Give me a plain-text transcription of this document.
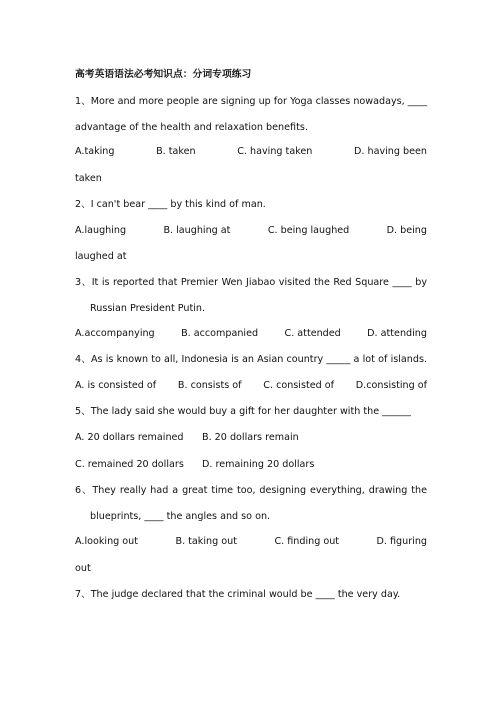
高考英语语法必考知识点：分词专项练习
1、More and more people are signing up for Yoga classes nowadays, ____
advantage of the health and relaxation benefits.
A.taking	B. taken	C. having taken	D. having been
taken
2、I can't bear ____ by this kind of man.
A.laughing	B. laughing at	C. being laughed	D. being
laughed at
3、It is reported that Premier Wen Jiabao visited the Red Square ____ by
Russian President Putin.
A.accompanying	B. accompanied	C. attended	D. attending
4、As is known to all, Indonesia is an Asian country _____ a lot of islands.
A. is consisted of B. consists of C. consisted of D.consisting of
5、The lady said she would buy a gift for her daughter with the ______
A. 20 dollars remained B. 20 dollars remain
C. remained 20 dollars D. remaining 20 dollars
6、They really had a great time too, designing everything, drawing the
blueprints, ____ the angles and so on.
A.looking out	B. taking out	C. finding out	D. figuring
out
7、The judge declared that the criminal would be ____ the very day.
